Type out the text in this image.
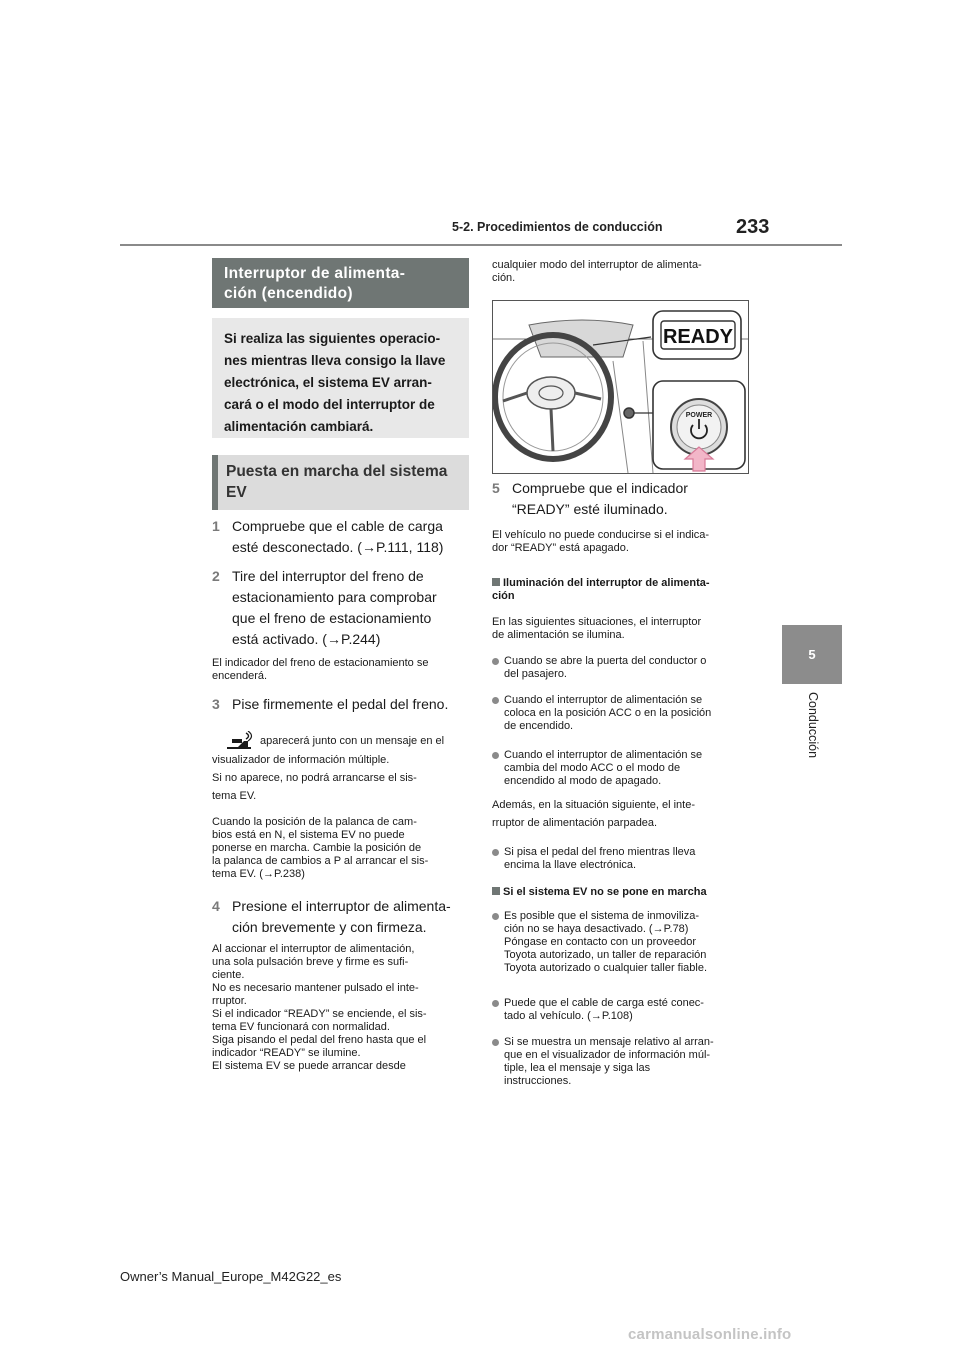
5-2. Procedimientos de conducción	233
5
Conducción
Interruptor de alimenta-
ción (encendido)
Si realiza las siguientes operacio-
nes mientras lleva consigo la llave
electrónica, el sistema EV arran-
cará o el modo del interruptor de
alimentación cambiará.
Puesta en marcha del sistema
EV
1 Compruebe que el cable de carga
esté desconectado. (→P.111, 118)
2 Tire del interruptor del freno de
estacionamiento para comprobar
que el freno de estacionamiento
está activado. (→P.244)
El indicador del freno de estacionamiento se
encenderá.
3 Pise firmemente el pedal del freno.
aparecerá junto con un mensaje en el
visualizador de información múltiple.
Si no aparece, no podrá arrancarse el sis-
tema EV.
Cuando la posición de la palanca de cam-
bios está en N, el sistema EV no puede
ponerse en marcha. Cambie la posición de
la palanca de cambios a P al arrancar el sis-
tema EV. (→P.238)
4 Presione el interruptor de alimenta-
ción brevemente y con firmeza.
Al accionar el interruptor de alimentación,
una sola pulsación breve y firme es sufi-
ciente.
No es necesario mantener pulsado el inte-
rruptor.
Si el indicador “READY” se enciende, el sis-
tema EV funcionará con normalidad.
Siga pisando el pedal del freno hasta que el
indicador “READY” se ilumine.
El sistema EV se puede arrancar desde
cualquier modo del interruptor de alimenta-
ción.
READY
POWER
5 Compruebe que el indicador
“READY” esté iluminado.
El vehículo no puede conducirse si el indica-
dor “READY” está apagado.
Iluminación del interruptor de alimenta-
ción
En las siguientes situaciones, el interruptor
de alimentación se ilumina.
Cuando se abre la puerta del conductor o
del pasajero.
Cuando el interruptor de alimentación se
coloca en la posición ACC o en la posición
de encendido.
Cuando el interruptor de alimentación se
cambia del modo ACC o el modo de
encendido al modo de apagado.
Además, en la situación siguiente, el inte-
rruptor de alimentación parpadea.
Si pisa el pedal del freno mientras lleva
encima la llave electrónica.
Si el sistema EV no se pone en marcha
Es posible que el sistema de inmoviliza-
ción no se haya desactivado. (→P.78)
Póngase en contacto con un proveedor
Toyota autorizado, un taller de reparación
Toyota autorizado o cualquier taller fiable.
Puede que el cable de carga esté conec-
tado al vehículo. (→P.108)
Si se muestra un mensaje relativo al arran-
que en el visualizador de información múl-
tiple, lea el mensaje y siga las
instrucciones.
Owner’s Manual_Europe_M42G22_es
carmanualsonline.info
